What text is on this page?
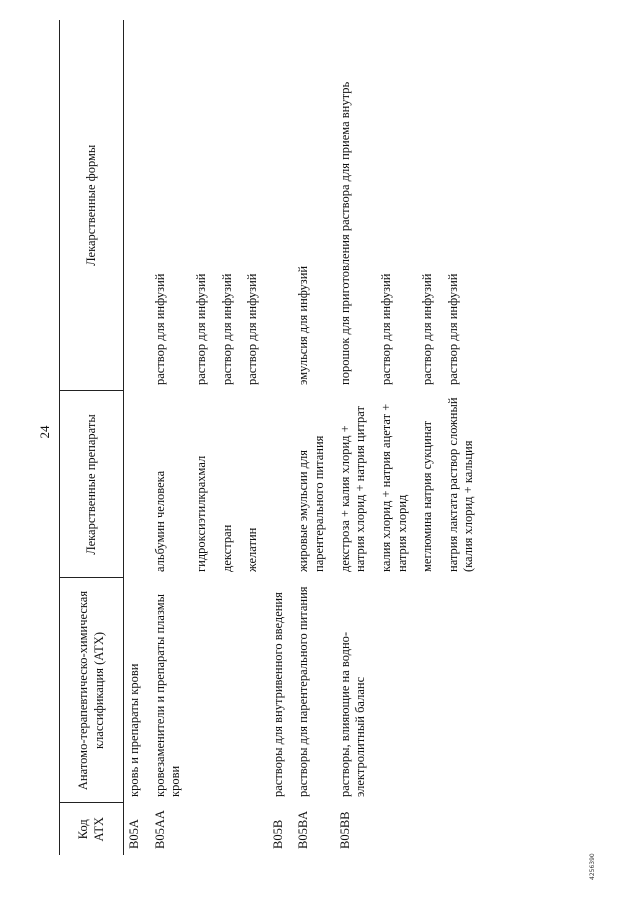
24
Код АТХ	Анатомо-терапевтическо-химическая классификация (АТХ)	Лекарственные препараты	Лекарственные формы
B05A	кровь и препараты крови		
B05AA	кровезаменители и препараты плазмы крови	альбумин человека	раствор для инфузий
		гидроксиэтилкрахмал	раствор для инфузий
		декстран	раствор для инфузий
		желатин	раствор для инфузий
B05B	растворы для внутривенного введения		
B05BA	растворы для парентерального питания	жировые эмульсии для парентерального питания	эмульсия для инфузий
B05BB	растворы, влияющие на водно-электролитный баланс	декстроза + калия хлорид + натрия хлорид + натрия цитрат	порошок для приготовления раствора для приема внутрь
		калия хлорид + натрия ацетат + натрия хлорид	раствор для инфузий
		меглюмина натрия сукцинат	раствор для инфузий
		натрия лактата раствор сложный (калия хлорид + кальция	раствор для инфузий
4256390
